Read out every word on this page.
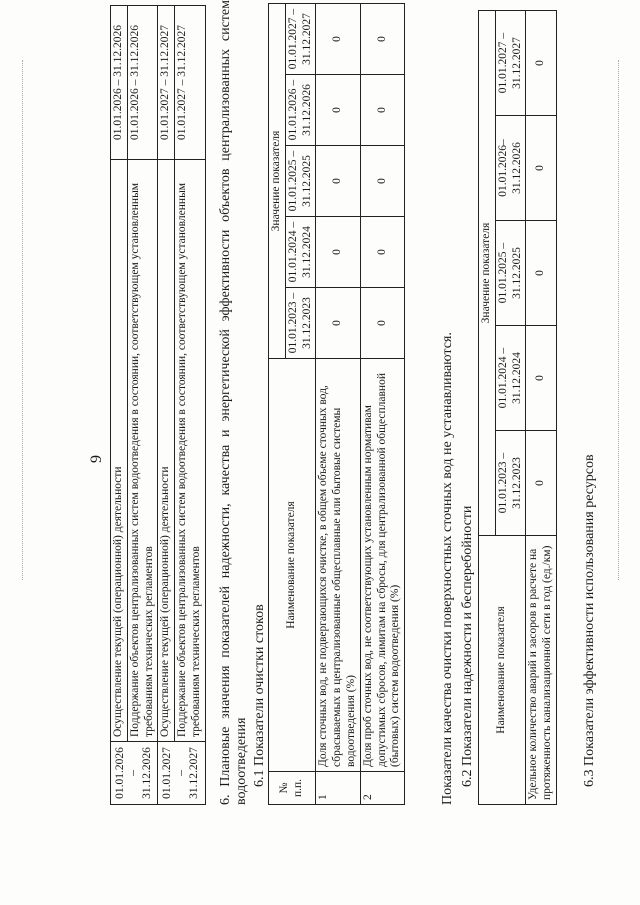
9
01.01.2026 – 31.12.2026	Осуществление текущей (операционной) деятельности	01.01.2026 – 31.12.2026
	Поддержание объектов централизованных систем водоотведения в состоянии, соответствующем установленным требованиям технических регламентов	01.01.2026 – 31.12.2026
01.01.2027 – 31.12.2027	Осуществление текущей (операционной) деятельности	01.01.2027 – 31.12.2027
	Поддержание объектов централизованных систем водоотведения в состоянии, соответствующем установленным требованиям технических регламентов	01.01.2027 – 31.12.2027 6. Плановые значения показателей надежности, качества и энергетической эффективности объектов централизованных систем водоотведения 6.1 Показатели очистки стоков
№ п.п.	Наименование показателя	Значение показателя				
		01.01.2023 – 31.12.2023	01.01.2024 – 31.12.2024	01.01.2025 – 31.12.2025	01.01.2026 – 31.12.2026	01.01.2027 – 31.12.2027
1	Доля сточных вод, не подвергающихся очистке, в общем объеме сточных вод, сбрасываемых в централизованные общесплавные или бытовые системы водоотведения (%)	0	0	0	0	0
2	Доля проб сточных вод, не соответствующих установленным нормативам допустимых сбросов, лимитам на сбросы, для централизованной общесплавной (бытовых) систем водоотведения (%)	0	0	0	0	0
Показатели качества очистки поверхностных сточных вод не устанавливаются. 6.2 Показатели надежности и бесперебойности Наименование показателя	Значение показателя				
	01.01.2023 – 31.12.2023	01.01.2024 – 31.12.2024	01.01.2025 – 31.12.2025	01.01.2026– 31.12.2026	01.01.2027 – 31.12.2027
Удельное количество аварий и засоров в расчете на протяженность канализационной сети в год (ед./км)	0	0	0	0	0
6.3 Показатели эффективности использования ресурсов
